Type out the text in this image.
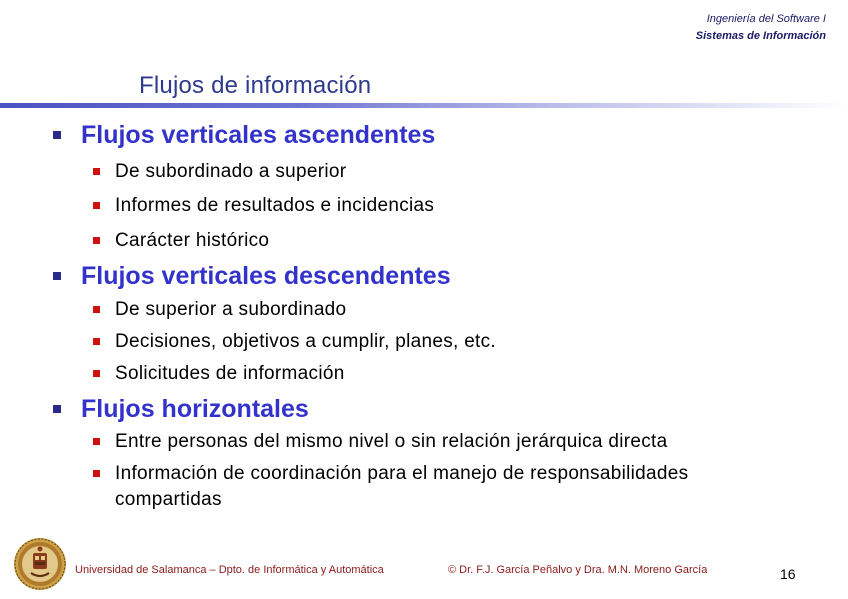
Ingeniería del Software I
Sistemas de Información
Flujos de información
Flujos verticales ascendentes
De subordinado a superior
Informes de resultados e incidencias
Carácter histórico
Flujos verticales descendentes
De superior a subordinado
Decisiones, objetivos a cumplir, planes, etc.
Solicitudes de información
Flujos horizontales
Entre personas del mismo nivel o sin relación jerárquica directa
Información de coordinación para el manejo de responsabilidades
compartidas
Universidad de Salamanca – Dpto. de Informática y Automática	© Dr. F.J. García Peñalvo y Dra. M.N. Moreno García	16
